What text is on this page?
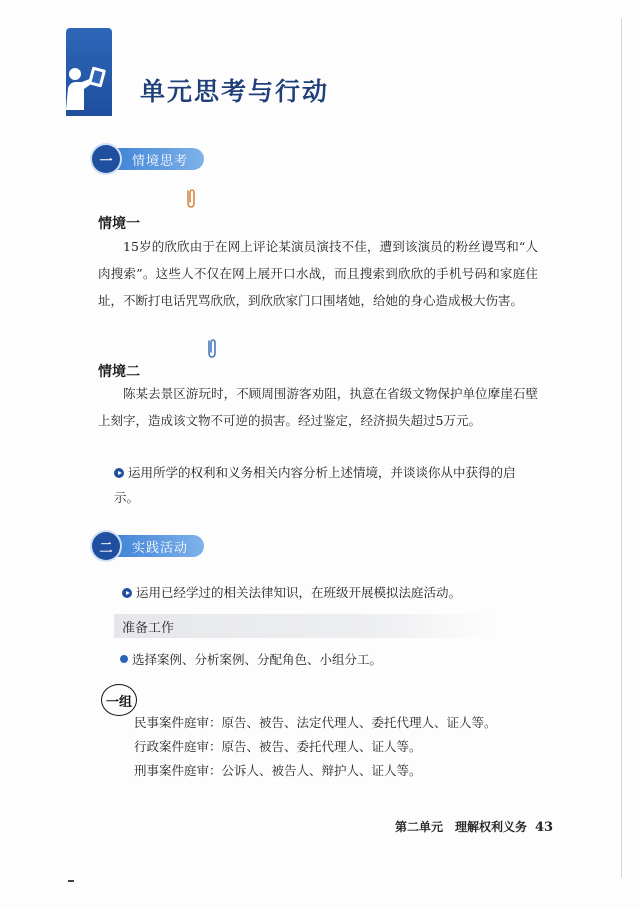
单元思考与行动
一	情境思考
情境一
15岁的欣欣由于在网上评论某演员演技不佳，遭到该演员的粉丝谩骂和“人肉搜索”。这些人不仅在网上展开口水战，而且搜索到欣欣的手机号码和家庭住址，不断打电话咒骂欣欣，到欣欣家门口围堵她，给她的身心造成极大伤害。
情境二
陈某去景区游玩时，不顾周围游客劝阻，执意在省级文物保护单位摩崖石壁上刻字，造成该文物不可逆的损害。经过鉴定，经济损失超过5万元。
运用所学的权利和义务相关内容分析上述情境，并谈谈你从中获得的启示。
二	实践活动
运用已经学过的相关法律知识，在班级开展模拟法庭活动。
准备工作
选择案例、分析案例、分配角色、小组分工。
一组
民事案件庭审：原告、被告、法定代理人、委托代理人、证人等。
行政案件庭审：原告、被告、委托代理人、证人等。
刑事案件庭审：公诉人、被告人、辩护人、证人等。
第二单元　理解权利义务 43
